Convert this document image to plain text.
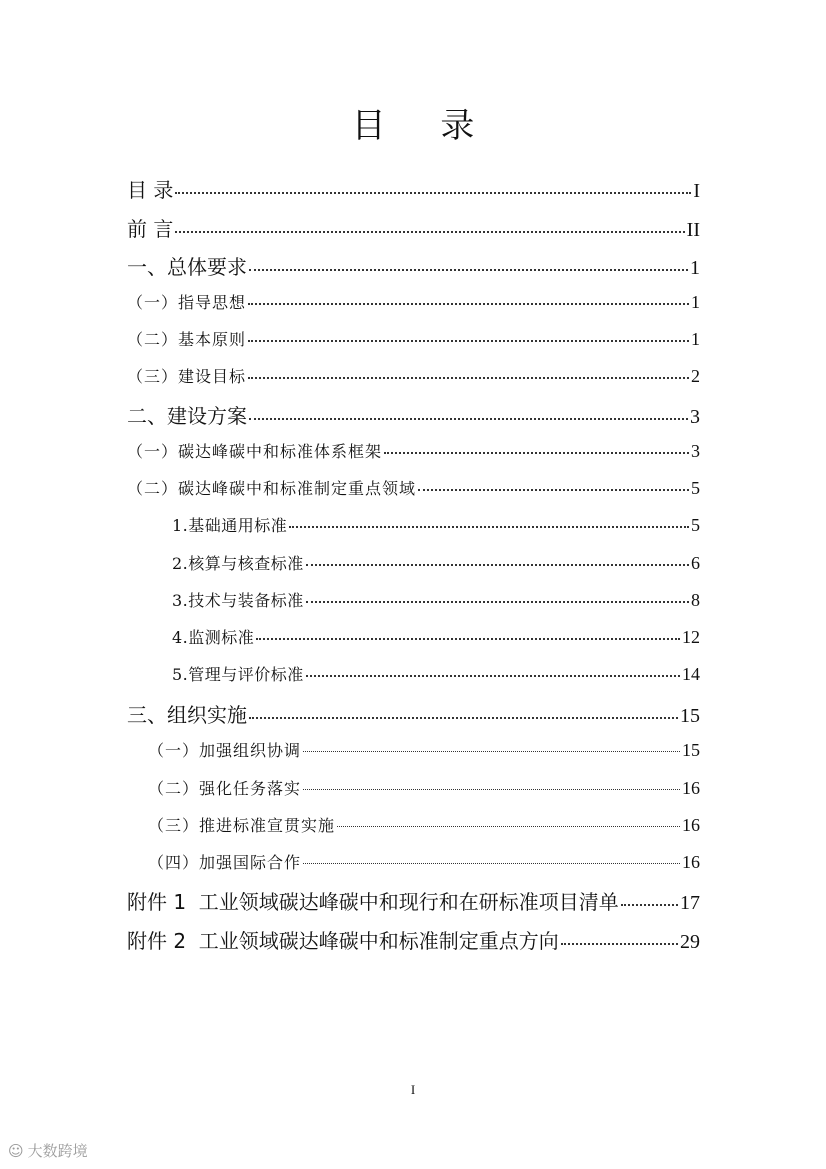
目 录
目 录	I
前 言	II
一、总体要求	1
（一）指导思想	1
（二）基本原则	1
（三）建设目标	2
二、建设方案	3
（一）碳达峰碳中和标准体系框架	3
（二）碳达峰碳中和标准制定重点领域	5
1.基础通用标准	5
2.核算与核查标准	6
3.技术与装备标准	8
4.监测标准	12
5.管理与评价标准	14
三、组织实施	15
（一）加强组织协调	15
（二）强化任务落实	16
（三）推进标准宣贯实施	16
（四）加强国际合作	16
附件 1  工业领域碳达峰碳中和现行和在研标准项目清单	17
附件 2  工业领域碳达峰碳中和标准制定重点方向	29
I
☺ 大数跨境
